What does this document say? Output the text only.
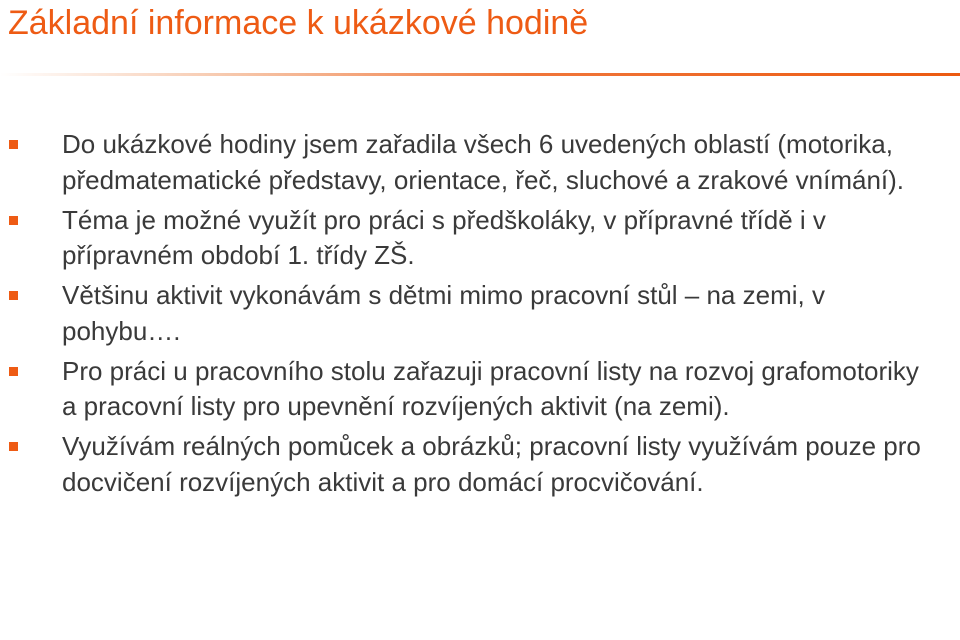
Základní informace k ukázkové hodině
Do ukázkové hodiny jsem zařadila všech 6 uvedených oblastí (motorika, předmatematické představy, orientace, řeč, sluchové a zrakové vnímání).
Téma je možné využít pro práci s předškoláky, v přípravné třídě i v přípravném období 1. třídy ZŠ.
Většinu aktivit vykonávám s dětmi mimo pracovní stůl – na zemi, v pohybu….
Pro práci u pracovního stolu zařazuji pracovní listy na rozvoj grafomotoriky a pracovní listy pro upevnění rozvíjených aktivit (na zemi).
Využívám reálných pomůcek a obrázků; pracovní listy využívám pouze pro docvičení rozvíjených aktivit a pro domácí procvičování.
